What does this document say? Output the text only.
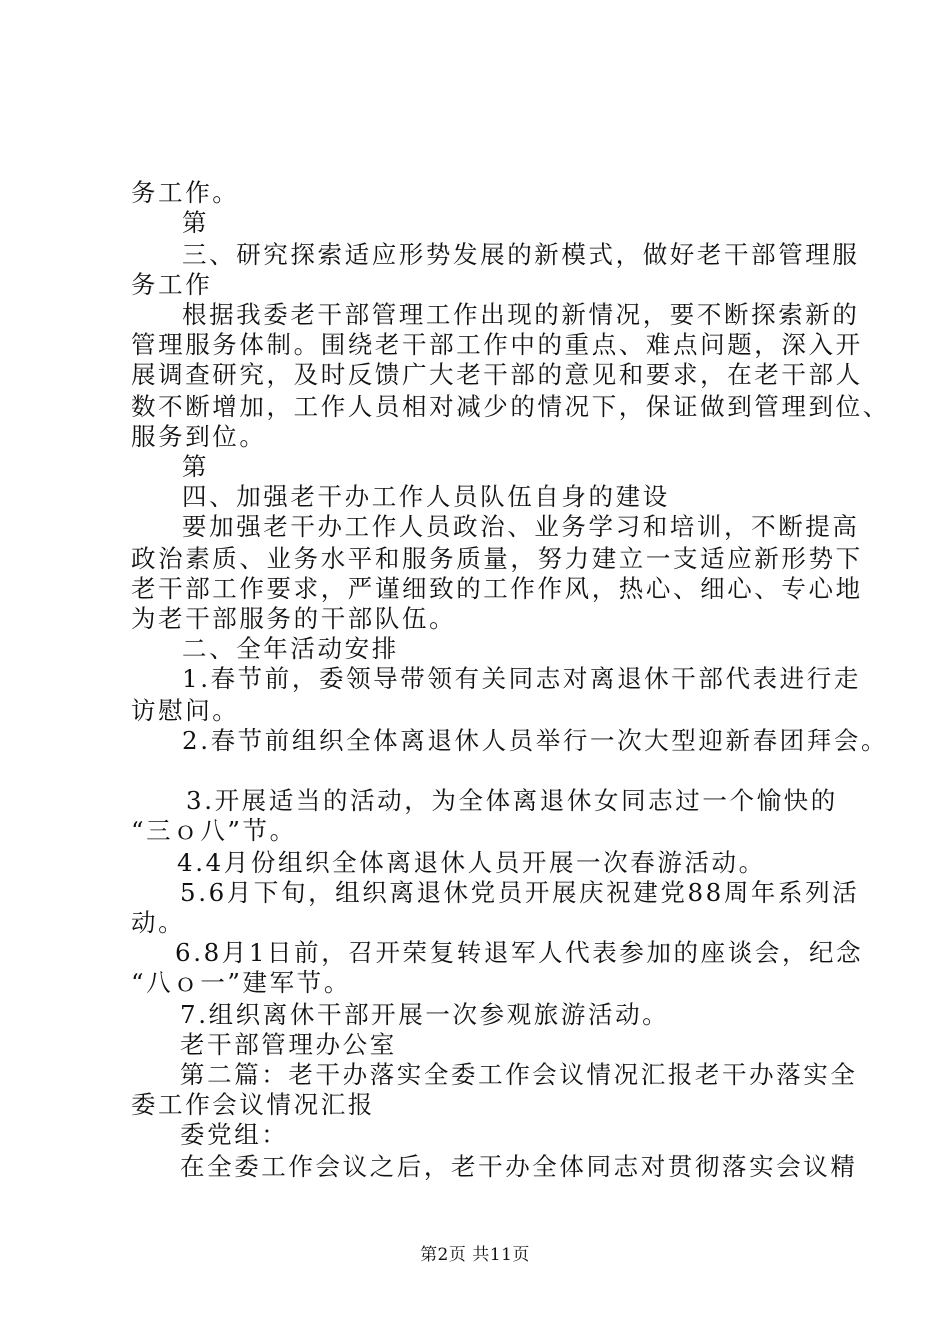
务工作。
第
三、研究探索适应形势发展的新模式，做好老干部管理服
务工作
根据我委老干部管理工作出现的新情况，要不断探索新的
管理服务体制。围绕老干部工作中的重点、难点问题，深入开
展调查研究，及时反馈广大老干部的意见和要求，在老干部人
数不断增加，工作人员相对减少的情况下，保证做到管理到位、
服务到位。
第
四、加强老干办工作人员队伍自身的建设
要加强老干办工作人员政治、业务学习和培训，不断提高
政治素质、业务水平和服务质量，努力建立一支适应新形势下
老干部工作要求，严谨细致的工作作风，热心、细心、专心地
为老干部服务的干部队伍。
二、全年活动安排
1.春节前，委领导带领有关同志对离退休干部代表进行走
访慰问。
2.春节前组织全体离退休人员举行一次大型迎新春团拜会。
3.开展适当的活动，为全体离退休女同志过一个愉快的
“三ｏ八”节。
4.4月份组织全体离退休人员开展一次春游活动。
5.6月下旬，组织离退休党员开展庆祝建党88周年系列活
动。
6.8月1日前，召开荣复转退军人代表参加的座谈会，纪念
“八ｏ一”建军节。
7.组织离休干部开展一次参观旅游活动。
老干部管理办公室
第二篇：老干办落实全委工作会议情况汇报老干办落实全
委工作会议情况汇报
委党组：
在全委工作会议之后，老干办全体同志对贯彻落实会议精
第2页 共11页
